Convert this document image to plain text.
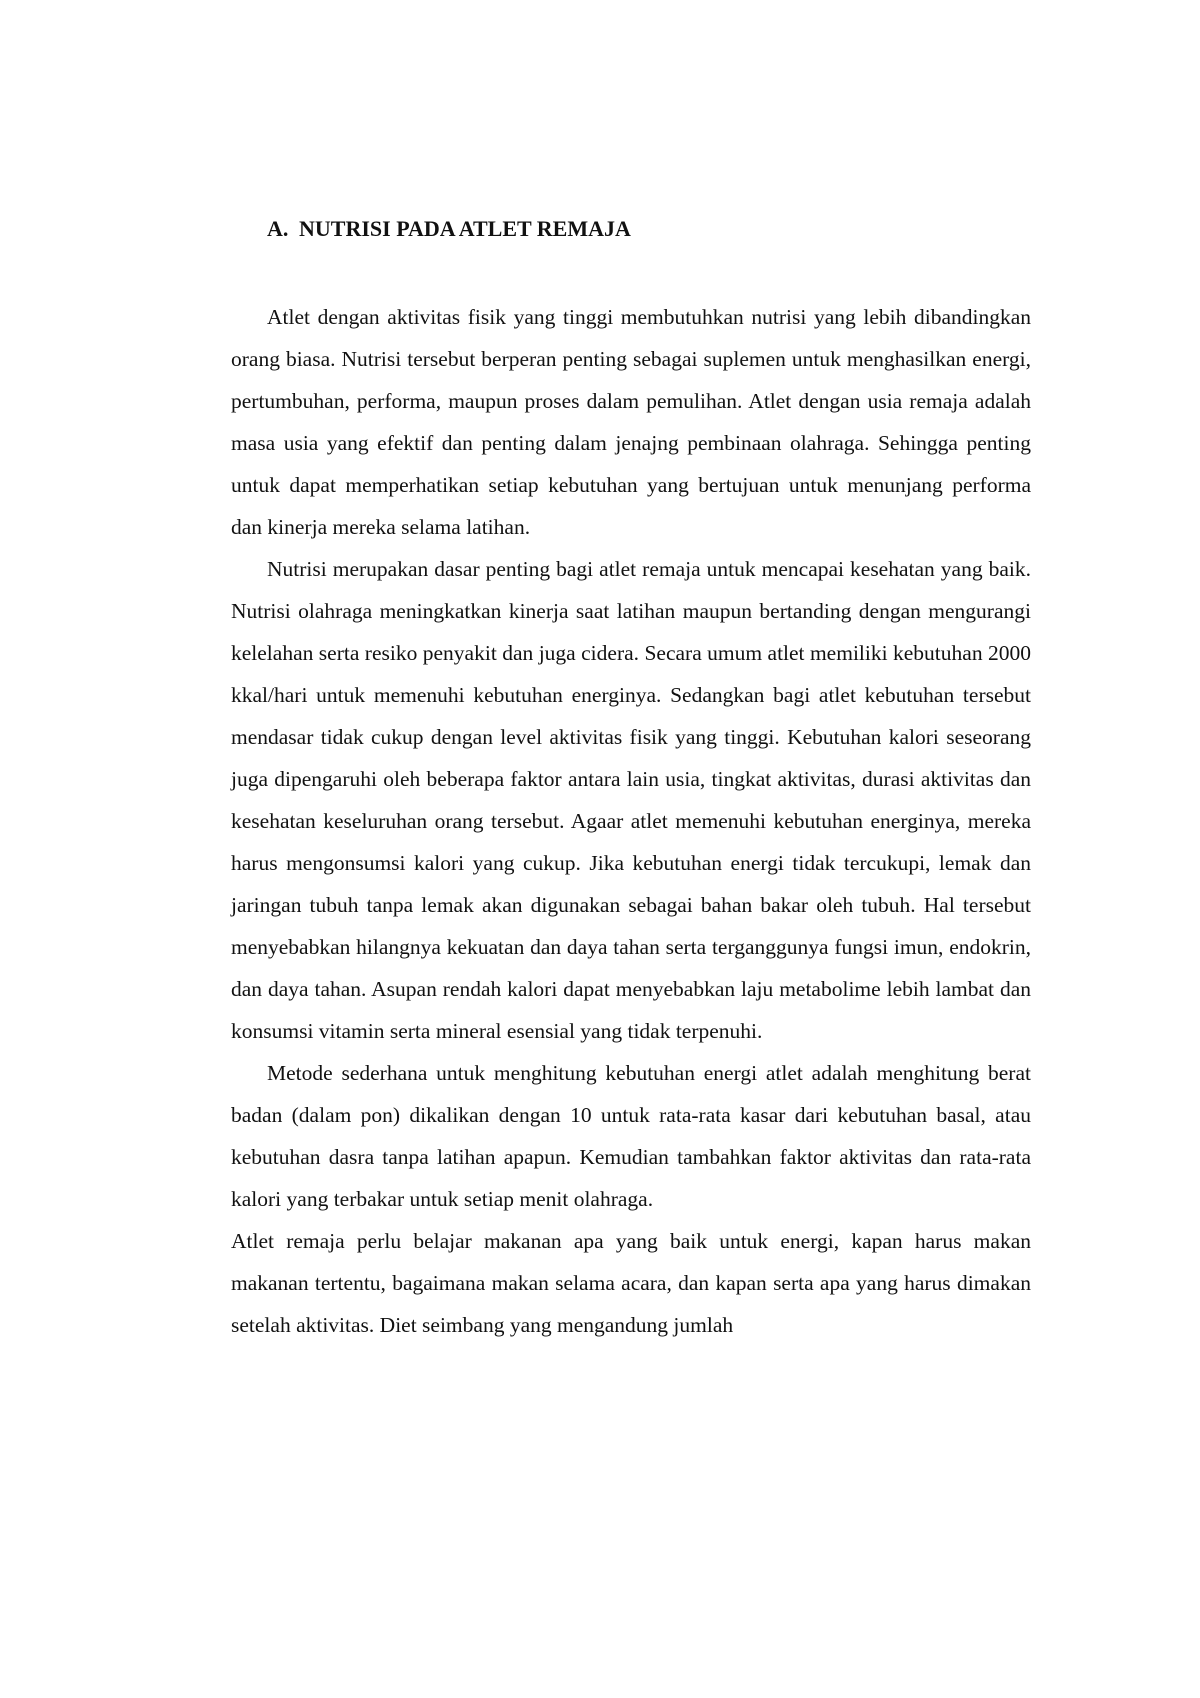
A. NUTRISI PADA ATLET REMAJA

Atlet dengan aktivitas fisik yang tinggi membutuhkan nutrisi yang lebih dibandingkan orang biasa. Nutrisi tersebut berperan penting sebagai suplemen untuk menghasilkan energi, pertumbuhan, performa, maupun proses dalam pemulihan. Atlet dengan usia remaja adalah masa usia yang efektif dan penting dalam jenajng pembinaan olahraga. Sehingga penting untuk dapat memperhatikan setiap kebutuhan yang bertujuan untuk menunjang performa dan kinerja mereka selama latihan.

Nutrisi merupakan dasar penting bagi atlet remaja untuk mencapai kesehatan yang baik. Nutrisi olahraga meningkatkan kinerja saat latihan maupun bertanding dengan mengurangi kelelahan serta resiko penyakit dan juga cidera. Secara umum atlet memiliki kebutuhan 2000 kkal/hari untuk memenuhi kebutuhan energinya. Sedangkan bagi atlet kebutuhan tersebut mendasar tidak cukup dengan level aktivitas fisik yang tinggi. Kebutuhan kalori seseorang juga dipengaruhi oleh beberapa faktor antara lain usia, tingkat aktivitas, durasi aktivitas dan kesehatan keseluruhan orang tersebut. Agaar atlet memenuhi kebutuhan energinya, mereka harus mengonsumsi kalori yang cukup. Jika kebutuhan energi tidak tercukupi, lemak dan jaringan tubuh tanpa lemak akan digunakan sebagai bahan bakar oleh tubuh. Hal tersebut menyebabkan hilangnya kekuatan dan daya tahan serta terganggunya fungsi imun, endokrin, dan daya tahan. Asupan rendah kalori dapat menyebabkan laju metabolime lebih lambat dan konsumsi vitamin serta mineral esensial yang tidak terpenuhi.

Metode sederhana untuk menghitung kebutuhan energi atlet adalah menghitung berat badan (dalam pon) dikalikan dengan 10 untuk rata-rata kasar dari kebutuhan basal, atau kebutuhan dasra tanpa latihan apapun. Kemudian tambahkan faktor aktivitas dan rata-rata kalori yang terbakar untuk setiap menit olahraga.

Atlet remaja perlu belajar makanan apa yang baik untuk energi, kapan harus makan makanan tertentu, bagaimana makan selama acara, dan kapan serta apa yang harus dimakan setelah aktivitas. Diet seimbang yang mengandung jumlah
